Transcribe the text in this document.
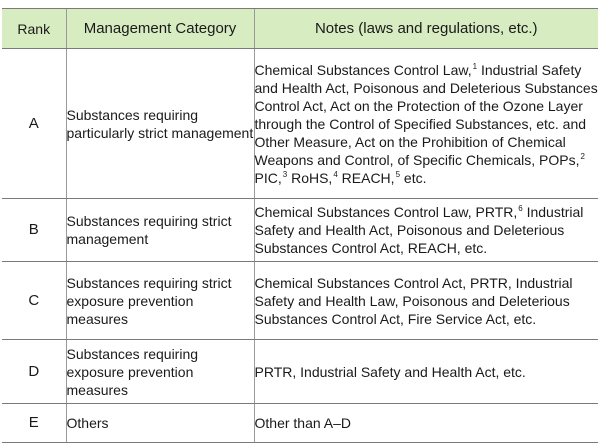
Rank	Management Category	Notes (laws and regulations, etc.)
A	Substances requiring particularly strict management	Chemical Substances Control Law,$^1$ Industrial Safety and Health Act, Poisonous and Deleterious Substances Control Act, Act on the Protection of the Ozone Layer through the Control of Specified Substances, etc. and Other Measure, Act on the Prohibition of Chemical Weapons and Control, of Specific Chemicals, POPs,$^2$ PIC,$^3$ RoHS,$^4$ REACH,$^5$ etc.
B	Substances requiring strict management	Chemical Substances Control Law, PRTR,$^6$ Industrial Safety and Health Act, Poisonous and Deleterious Substances Control Act, REACH, etc.
C	Substances requiring strict exposure prevention measures	Chemical Substances Control Act, PRTR, Industrial Safety and Health Law, Poisonous and Deleterious Substances Control Act, Fire Service Act, etc.
D	Substances requiring exposure prevention measures	PRTR, Industrial Safety and Health Act, etc.
E	Others	Other than A–D
